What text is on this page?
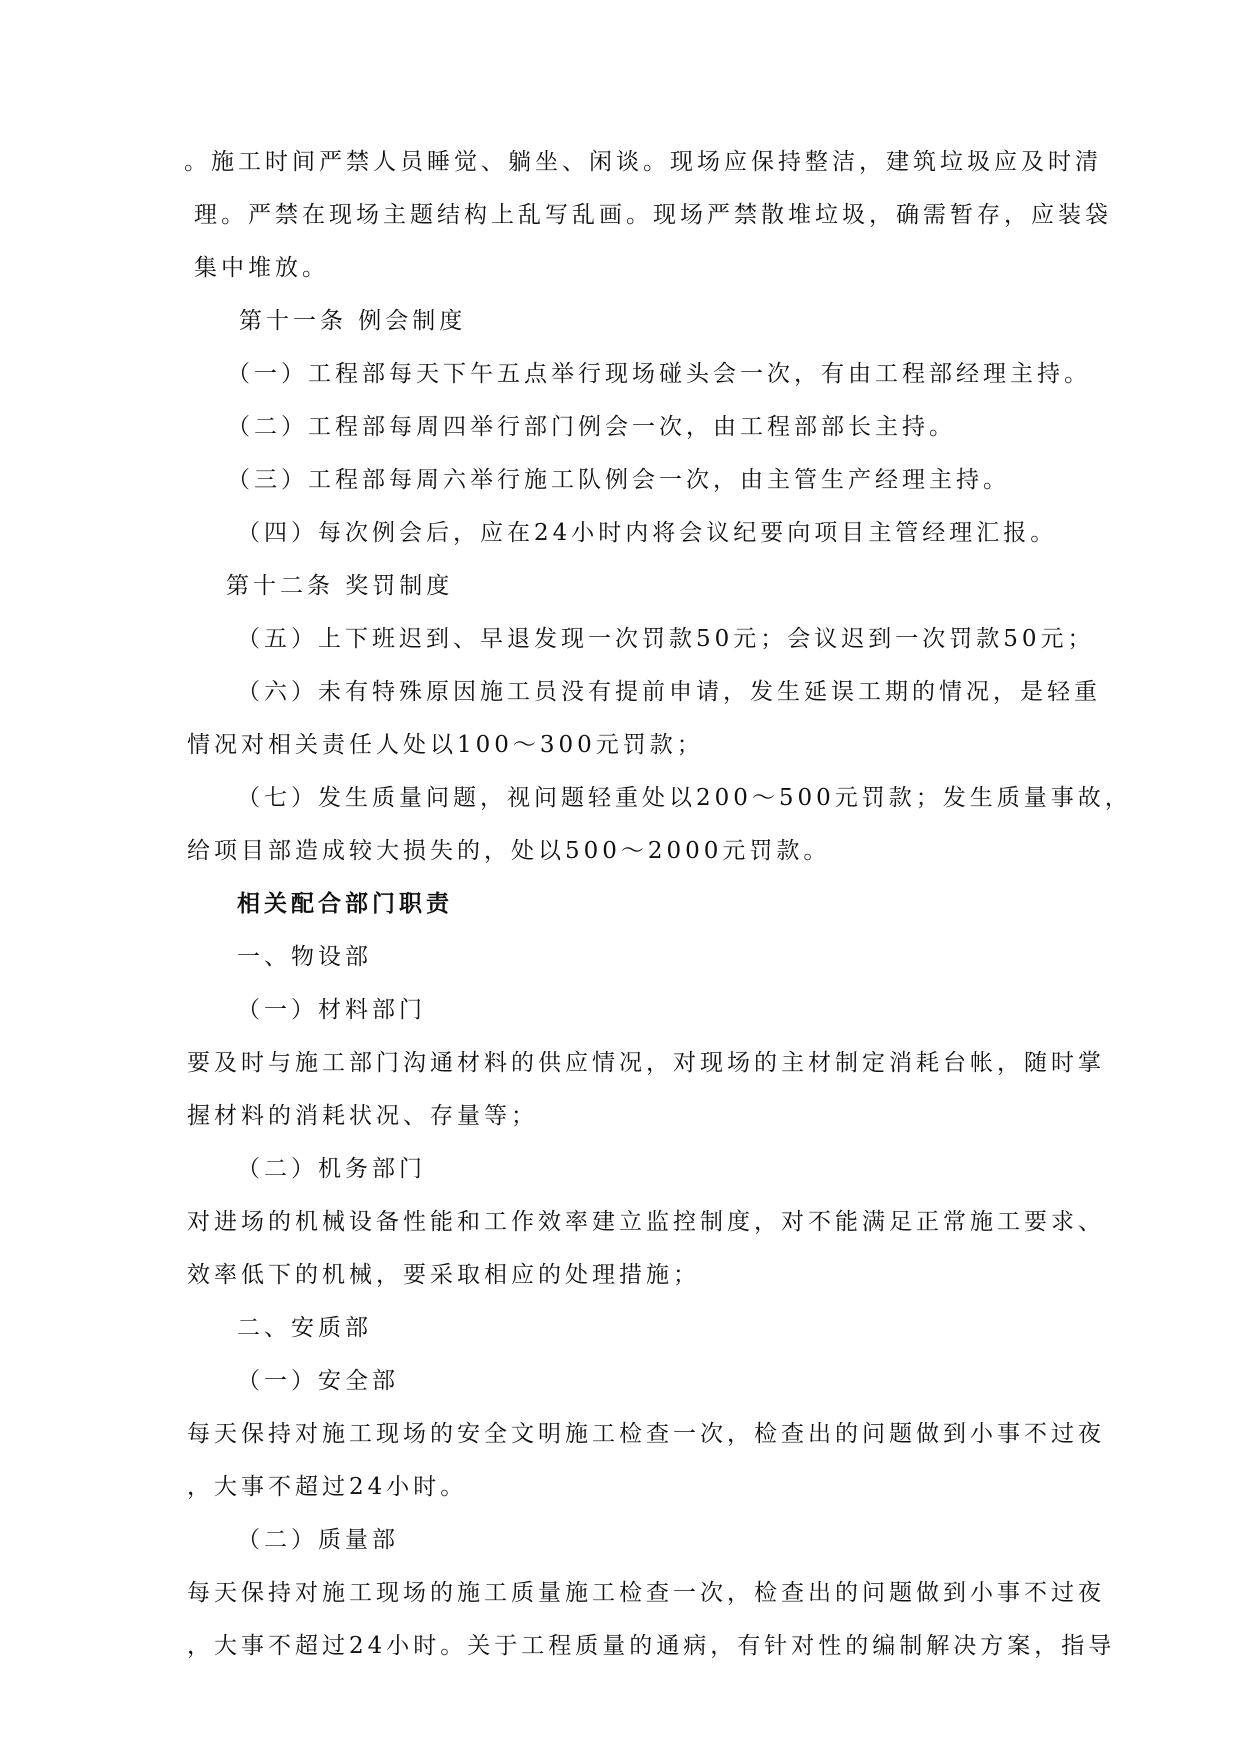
。施工时间严禁人员睡觉、躺坐、闲谈。现场应保持整洁，建筑垃圾应及时清
理。严禁在现场主题结构上乱写乱画。现场严禁散堆垃圾，确需暂存，应装袋
集中堆放。
第十一条 例会制度
（一）工程部每天下午五点举行现场碰头会一次，有由工程部经理主持。
（二）工程部每周四举行部门例会一次，由工程部部长主持。
（三）工程部每周六举行施工队例会一次，由主管生产经理主持。
（四）每次例会后，应在24小时内将会议纪要向项目主管经理汇报。
第十二条 奖罚制度
（五）上下班迟到、早退发现一次罚款50元；会议迟到一次罚款50元；
（六）未有特殊原因施工员没有提前申请，发生延误工期的情况，是轻重
情况对相关责任人处以100～300元罚款；
（七）发生质量问题，视问题轻重处以200～500元罚款；发生质量事故，
给项目部造成较大损失的，处以500～2000元罚款。
相关配合部门职责
一、物设部
（一）材料部门
要及时与施工部门沟通材料的供应情况，对现场的主材制定消耗台帐，随时掌
握材料的消耗状况、存量等；
（二）机务部门
对进场的机械设备性能和工作效率建立监控制度，对不能满足正常施工要求、
效率低下的机械，要采取相应的处理措施；
二、安质部
（一）安全部
每天保持对施工现场的安全文明施工检查一次，检查出的问题做到小事不过夜
，大事不超过24小时。
（二）质量部
每天保持对施工现场的施工质量施工检查一次，检查出的问题做到小事不过夜
，大事不超过24小时。关于工程质量的通病，有针对性的编制解决方案，指导
